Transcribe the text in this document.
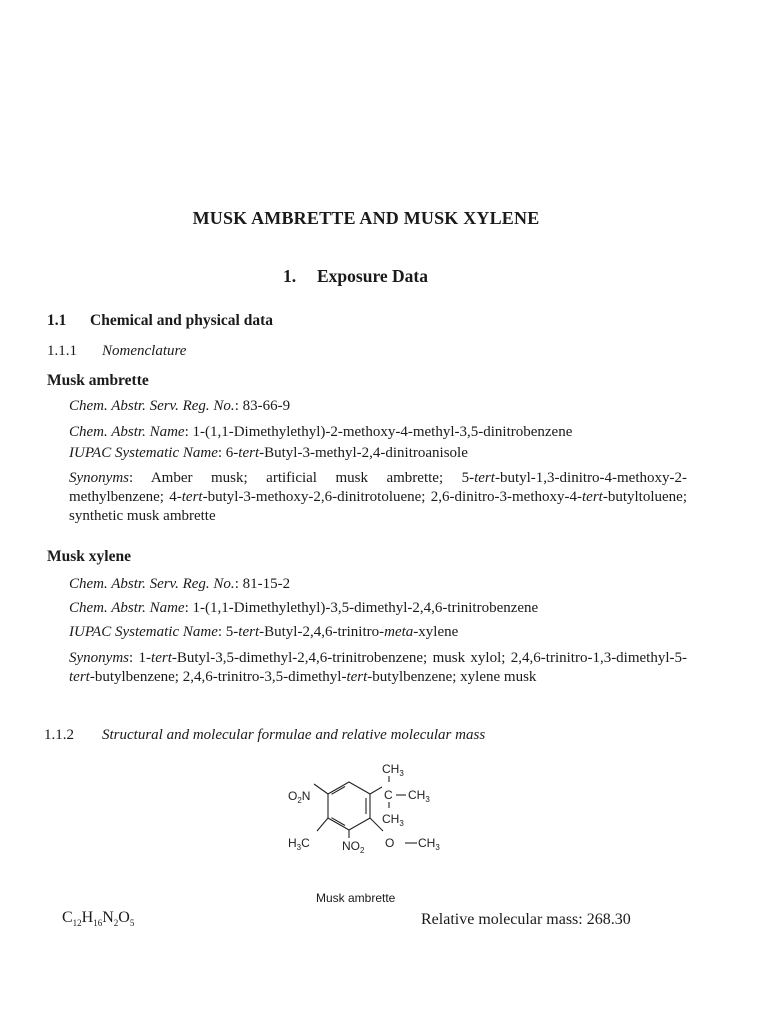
MUSK AMBRETTE AND MUSK XYLENE
1. Exposure Data
1.1 Chemical and physical data
1.1.1 Nomenclature
Musk ambrette
Chem. Abstr. Serv. Reg. No.: 83-66-9
Chem. Abstr. Name: 1-(1,1-Dimethylethyl)-2-methoxy-4-methyl-3,5-dinitrobenzene
IUPAC Systematic Name: 6-tert-Butyl-3-methyl-2,4-dinitroanisole
Synonyms: Amber musk; artificial musk ambrette; 5-tert-butyl-1,3-dinitro-4-methoxy-2-methylbenzene; 4-tert-butyl-3-methoxy-2,6-dinitrotoluene; 2,6-dinitro-3-methoxy-4-tert-butyltoluene; synthetic musk ambrette
Musk xylene
Chem. Abstr. Serv. Reg. No.: 81-15-2
Chem. Abstr. Name: 1-(1,1-Dimethylethyl)-3,5-dimethyl-2,4,6-trinitrobenzene
IUPAC Systematic Name: 5-tert-Butyl-2,4,6-trinitro-meta-xylene
Synonyms: 1-tert-Butyl-3,5-dimethyl-2,4,6-trinitrobenzene; musk xylol; 2,4,6-trinitro-1,3-dimethyl-5-tert-butylbenzene; 2,4,6-trinitro-3,5-dimethyl-tert-butylbenzene; xylene musk
1.1.2 Structural and molecular formulae and relative molecular mass
$O_2N$
$CH_3$
C $CH_3$
$CH_3$
$H_3C$	O $CH_3$
$NO_2$
Musk ambrette
$C_{12}H_{16}N_2O_5$	Relative molecular mass: 268.30
